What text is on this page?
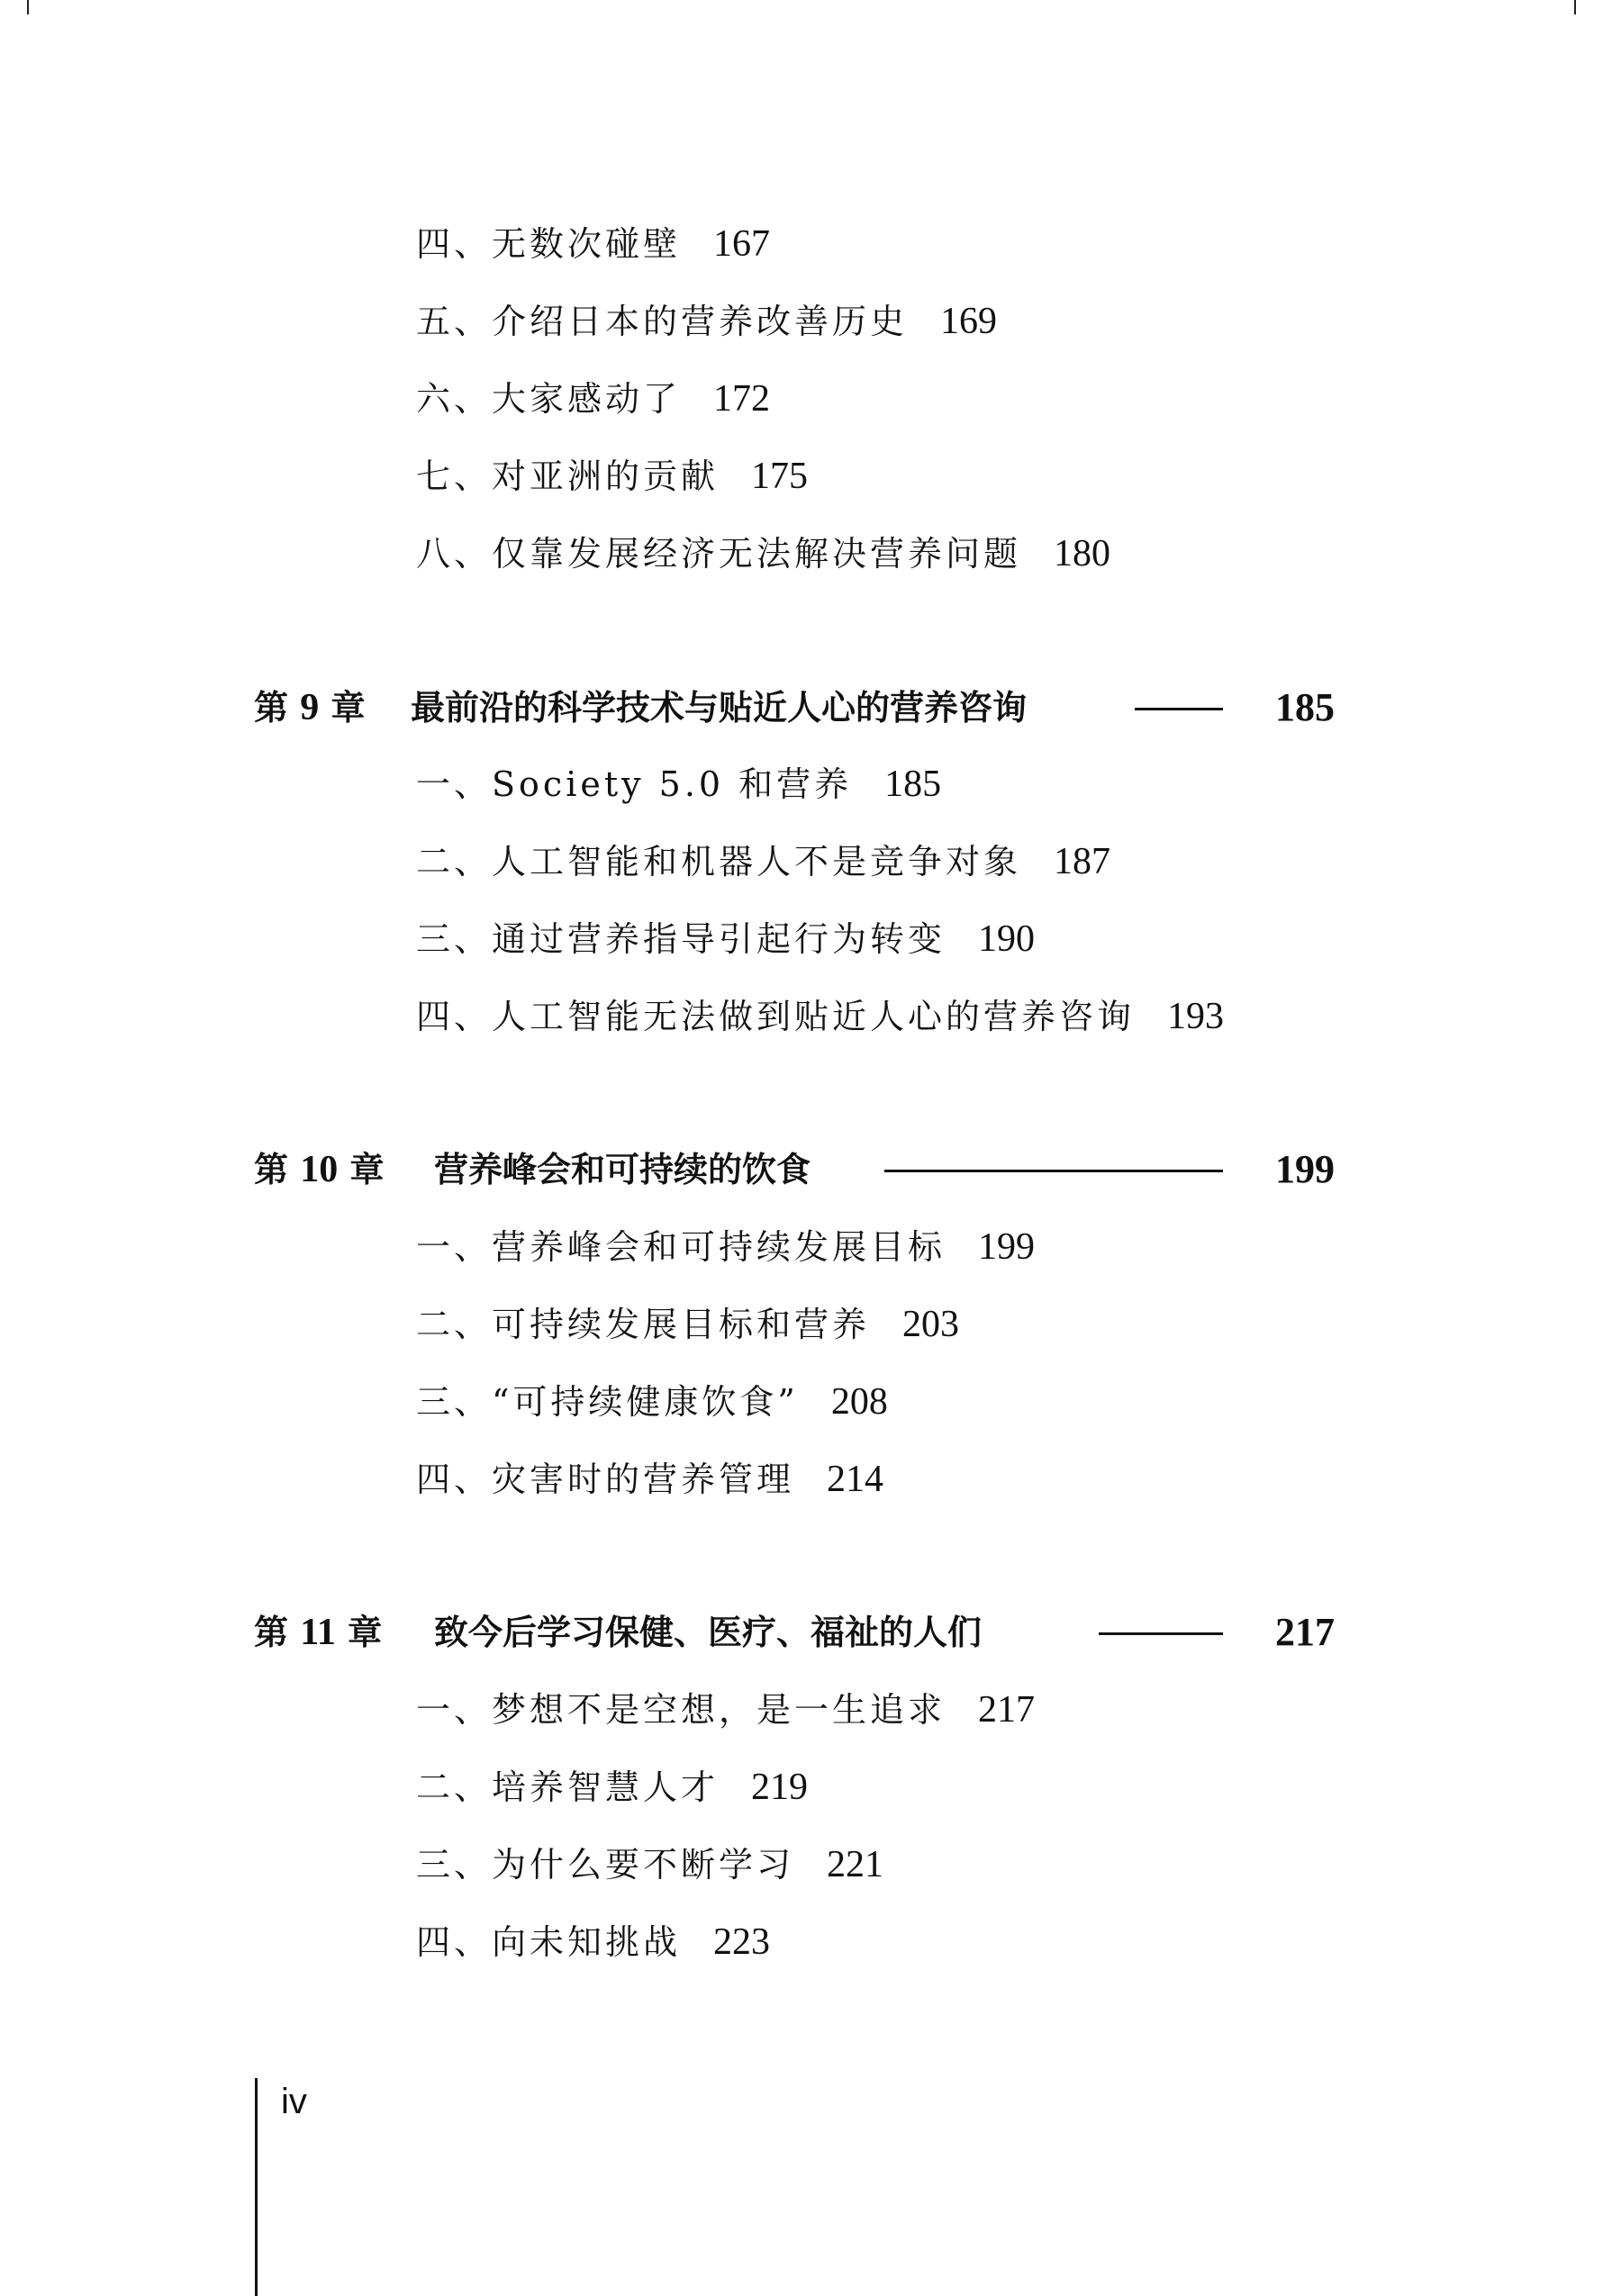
四、无数次碰壁 167
五、介绍日本的营养改善历史 169
六、大家感动了 172
七、对亚洲的贡献 175
八、仅靠发展经济无法解决营养问题 180
第 9 章 最前沿的科学技术与贴近人心的营养咨询	185
一、Society 5.0 和营养 185
二、人工智能和机器人不是竞争对象 187
三、通过营养指导引起行为转变 190
四、人工智能无法做到贴近人心的营养咨询 193
第 10 章 营养峰会和可持续的饮食	199
一、营养峰会和可持续发展目标 199
二、可持续发展目标和营养 203
三、“可持续健康饮食” 208
四、灾害时的营养管理 214
第 11 章 致今后学习保健、医疗、福祉的人们	217
一、梦想不是空想，是一生追求 217
二、培养智慧人才 219
三、为什么要不断学习 221
四、向未知挑战 223
iv
